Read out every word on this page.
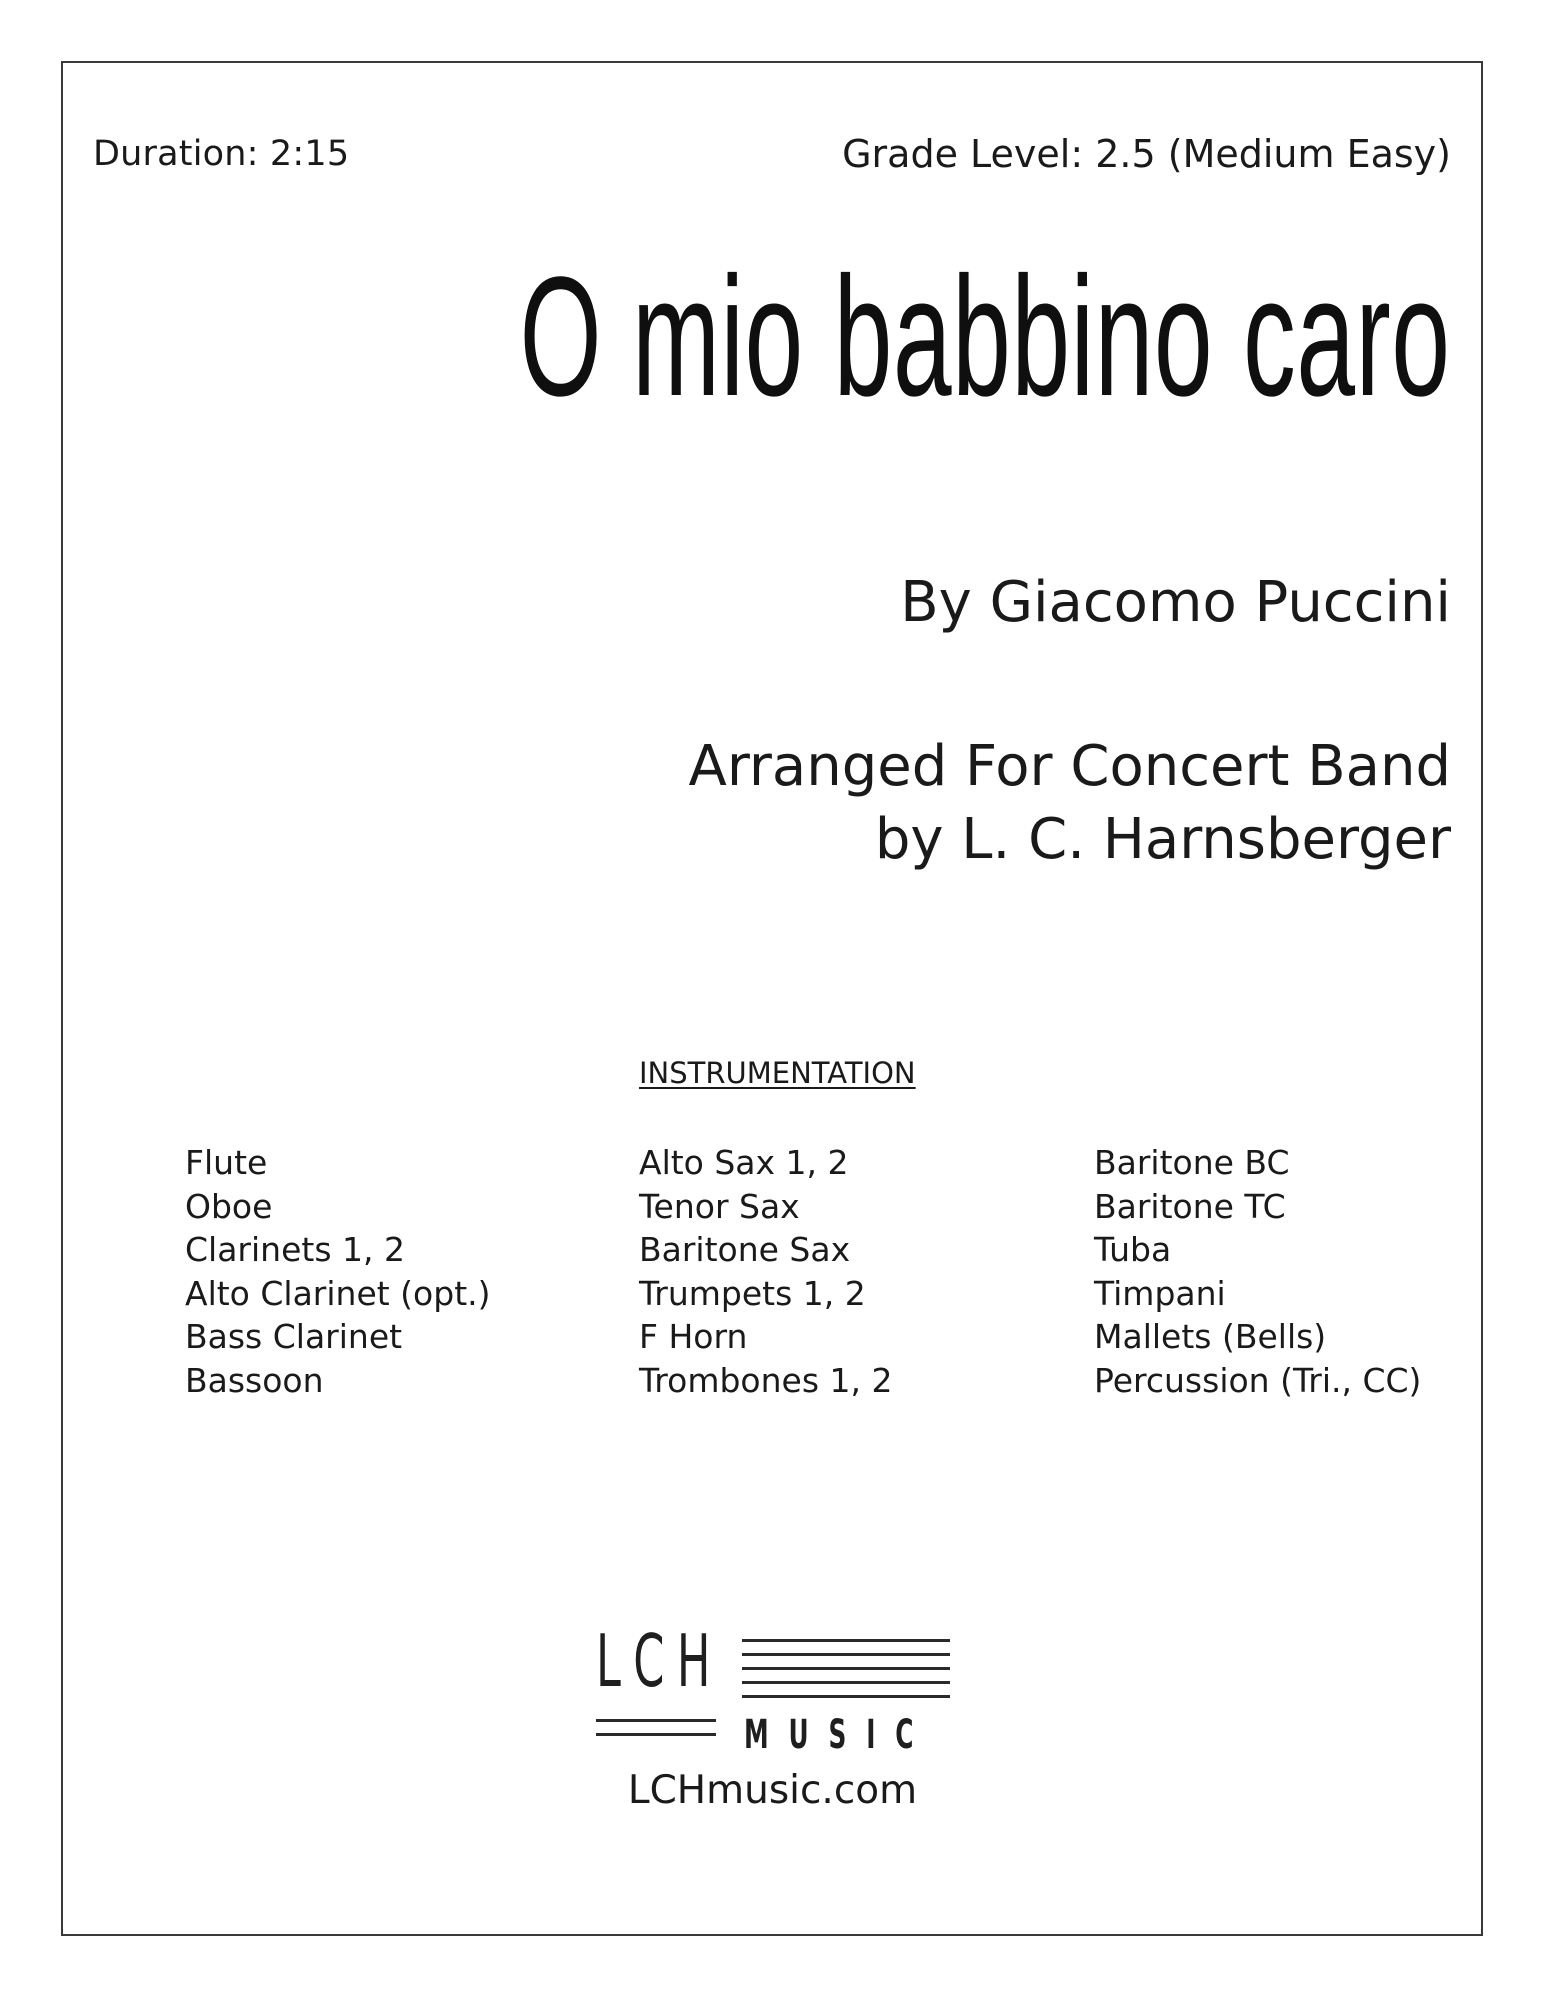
Duration: 2:15	Grade Level: 2.5 (Medium Easy)
O mio babbino caro
By Giacomo Puccini
Arranged For Concert Band
by L. C. Harnsberger
INSTRUMENTATION
Flute
Oboe
Clarinets 1, 2
Alto Clarinet (opt.)
Bass Clarinet
Bassoon
Alto Sax 1, 2
Tenor Sax
Baritone Sax
Trumpets 1, 2
F Horn
Trombones 1, 2
Baritone BC
Baritone TC
Tuba
Timpani
Mallets (Bells)
Percussion (Tri., CC)
LCH
MUSIC
LCHmusic.com
